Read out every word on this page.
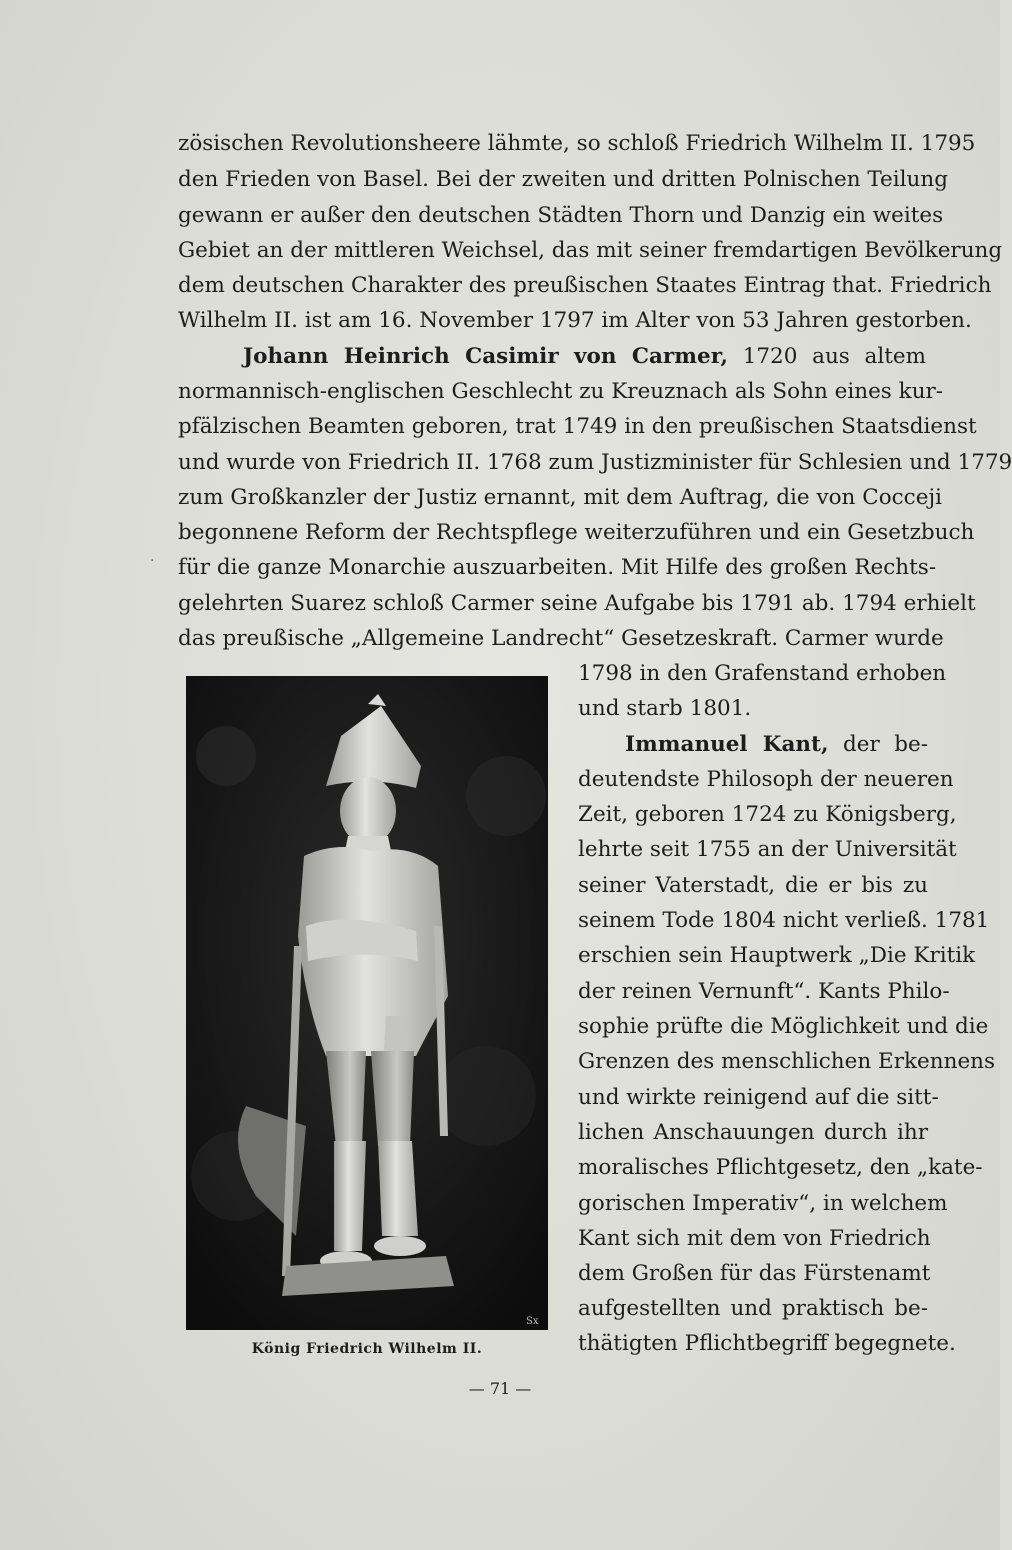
zösischen Revolutionsheere lähmte, so schloß Friedrich Wilhelm II. 1795
den Frieden von Basel. Bei der zweiten und dritten Polnischen Teilung
gewann er außer den deutschen Städten Thorn und Danzig ein weites
Gebiet an der mittleren Weichsel, das mit seiner fremdartigen Bevölkerung
dem deutschen Charakter des preußischen Staates Eintrag that. Friedrich
Wilhelm II. ist am 16. November 1797 im Alter von 53 Jahren gestorben.
Johann Heinrich Casimir von Carmer, 1720 aus altem
normannisch-englischen Geschlecht zu Kreuznach als Sohn eines kur-
pfälzischen Beamten geboren, trat 1749 in den preußischen Staatsdienst
und wurde von Friedrich II. 1768 zum Justizminister für Schlesien und 1779
zum Großkanzler der Justiz ernannt, mit dem Auftrag, die von Cocceji
begonnene Reform der Rechtspflege weiterzuführen und ein Gesetzbuch
für die ganze Monarchie auszuarbeiten. Mit Hilfe des großen Rechts-
gelehrten Suarez schloß Carmer seine Aufgabe bis 1791 ab. 1794 erhielt
das preußische „Allgemeine Landrecht“ Gesetzeskraft. Carmer wurde
1798 in den Grafenstand erhoben
und starb 1801.
Immanuel Kant, der be-
deutendste Philosoph der neueren
Zeit, geboren 1724 zu Königsberg,
lehrte seit 1755 an der Universität
seiner Vaterstadt, die er bis zu
seinem Tode 1804 nicht verließ. 1781
erschien sein Hauptwerk „Die Kritik
der reinen Vernunft“. Kants Philo-
sophie prüfte die Möglichkeit und die
Grenzen des menschlichen Erkennens
und wirkte reinigend auf die sitt-
lichen Anschauungen durch ihr
moralisches Pflichtgesetz, den „kate-
gorischen Imperativ“, in welchem
Kant sich mit dem von Friedrich
dem Großen für das Fürstenamt
aufgestellten und praktisch be-
thätigten Pflichtbegriff begegnete.
Sx
König Friedrich Wilhelm II.
·
— 71 —
